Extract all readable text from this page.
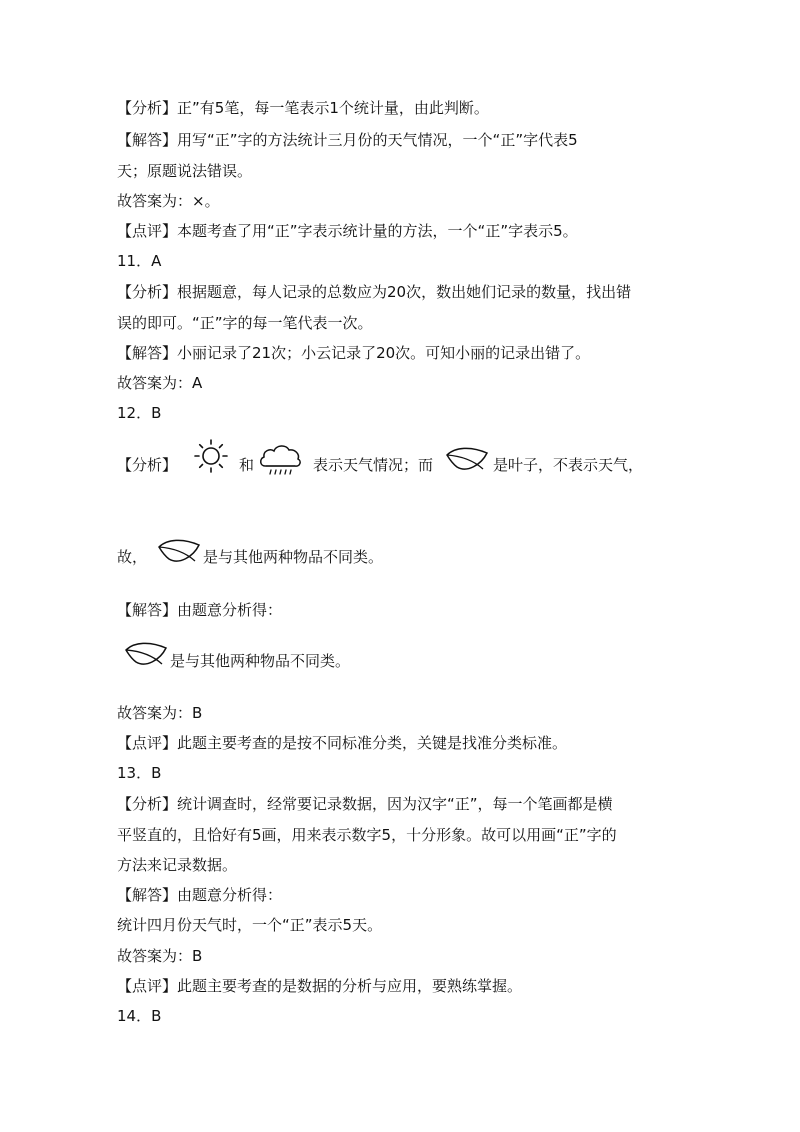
【分析】正”有5笔，每一笔表示1个统计量，由此判断。
【解答】用写“正”字的方法统计三月份的天气情况，一个“正”字代表5
天；原题说法错误。
故答案为：×。
【点评】本题考查了用“正”字表示统计量的方法，一个“正”字表示5。
11．A
【分析】根据题意，每人记录的总数应为20次，数出她们记录的数量，找出错
误的即可。“正”字的每一笔代表一次。
【解答】小丽记录了21次；小云记录了20次。可知小丽的记录出错了。
故答案为：A
12．B
【分析】	和	表示天气情况；而	是叶子，不表示天气，
故，	是与其他两种物品不同类。
【解答】由题意分析得：
是与其他两种物品不同类。
故答案为：B
【点评】此题主要考查的是按不同标准分类，关键是找准分类标准。
13．B
【分析】统计调查时，经常要记录数据，因为汉字“正”，每一个笔画都是横
平竖直的，且恰好有5画，用来表示数字5，十分形象。故可以用画“正”字的
方法来记录数据。
【解答】由题意分析得：
统计四月份天气时，一个“正”表示5天。
故答案为：B
【点评】此题主要考查的是数据的分析与应用，要熟练掌握。
14．B
